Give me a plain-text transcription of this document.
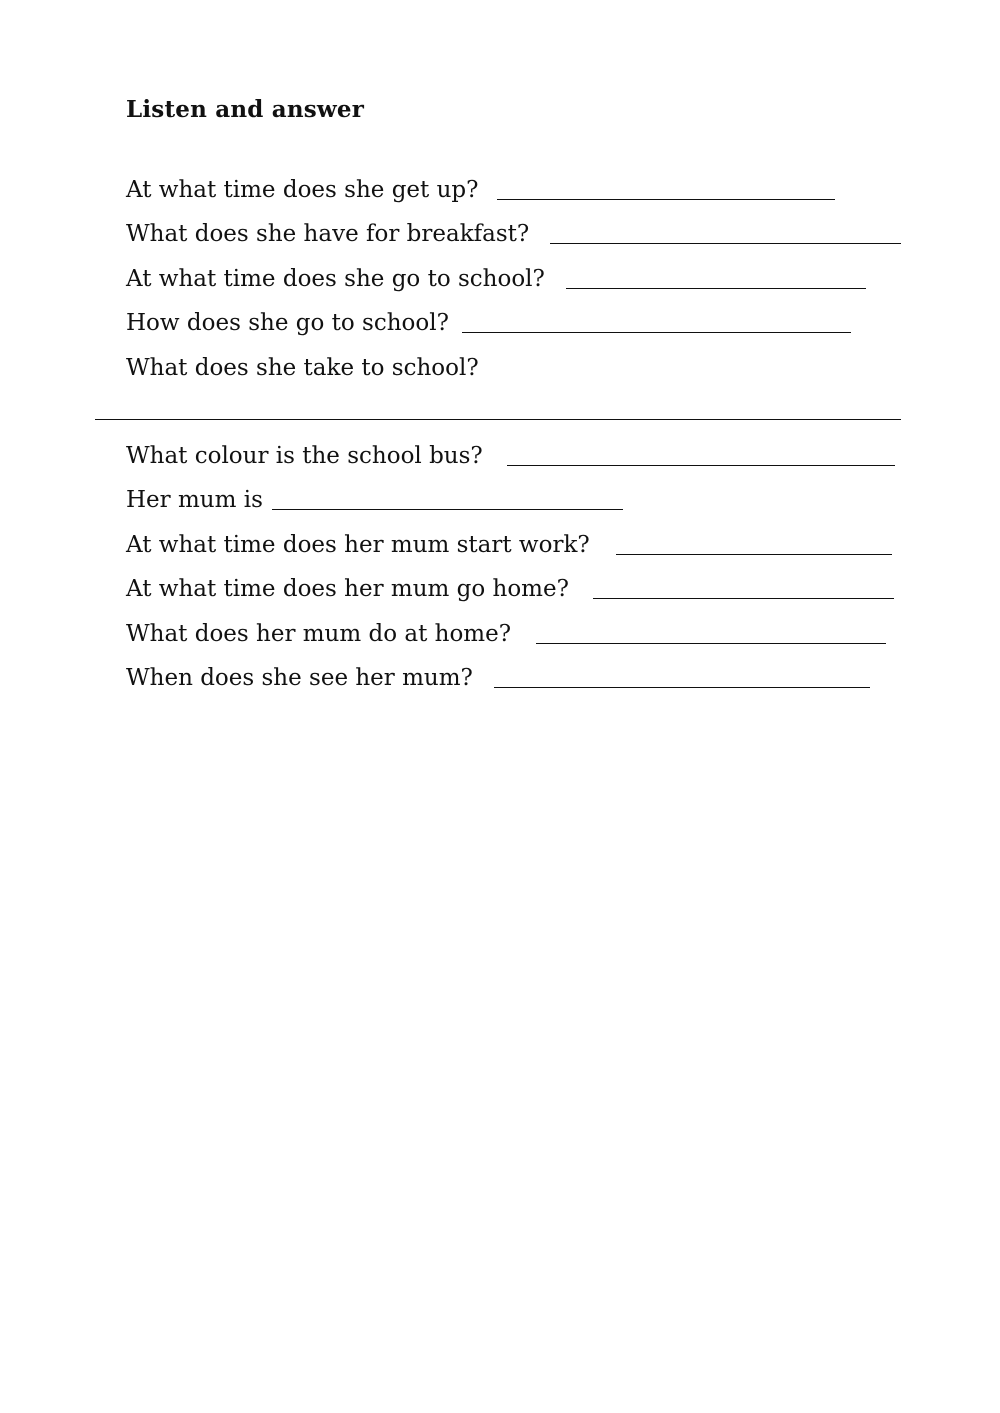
Listen and answer
At what time does she get up?
What does she have for breakfast?
At what time does she go to school?
How does she go to school?
What does she take to school?
What colour is the school bus?
Her mum is
At what time does her mum start work?
At what time does her mum go home?
What does her mum do at home?
When does she see her mum?
